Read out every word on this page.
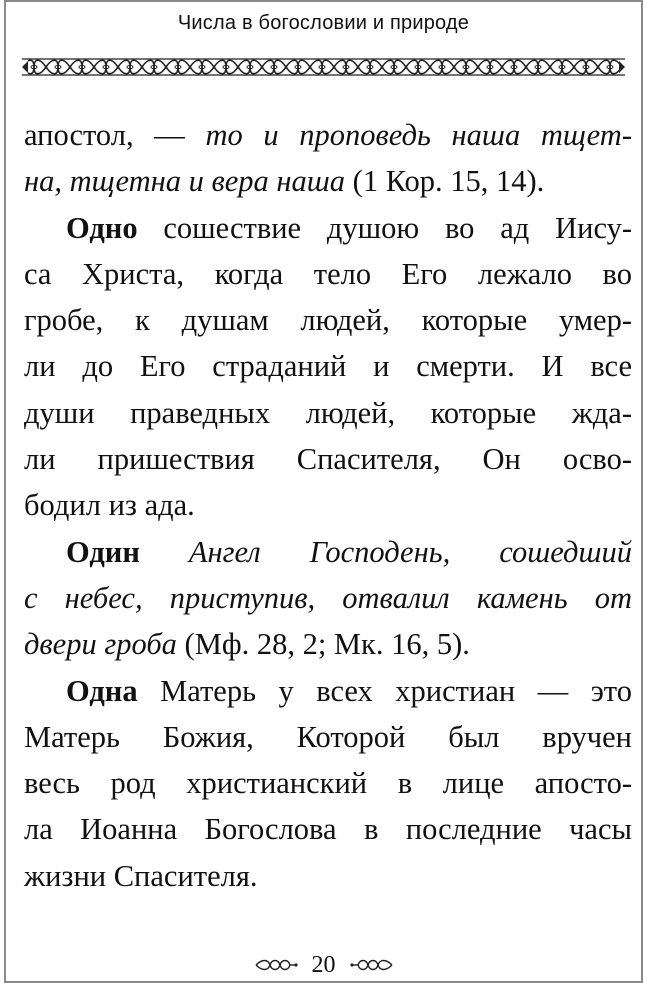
Числа в богословии и природе
апостол, — то и проповедь наша тщет-
на, тщетна и вера наша (1 Кор. 15, 14).
Одно сошествие душою во ад Иису-
са Христа, когда тело Его лежало во
гробе, к душам людей, которые умер-
ли до Его страданий и смерти. И все
души праведных людей, которые жда-
ли пришествия Спасителя, Он осво-
бодил из ада.
Один Ангел Господень, сошедший
с небес, приступив, отвалил камень от
двери гроба (Мф. 28, 2; Мк. 16, 5).
Одна Матерь у всех христиан — это
Матерь Божия, Которой был вручен
весь род христианский в лице апосто-
ла Иоанна Богослова в последние часы
жизни Спасителя.
20
